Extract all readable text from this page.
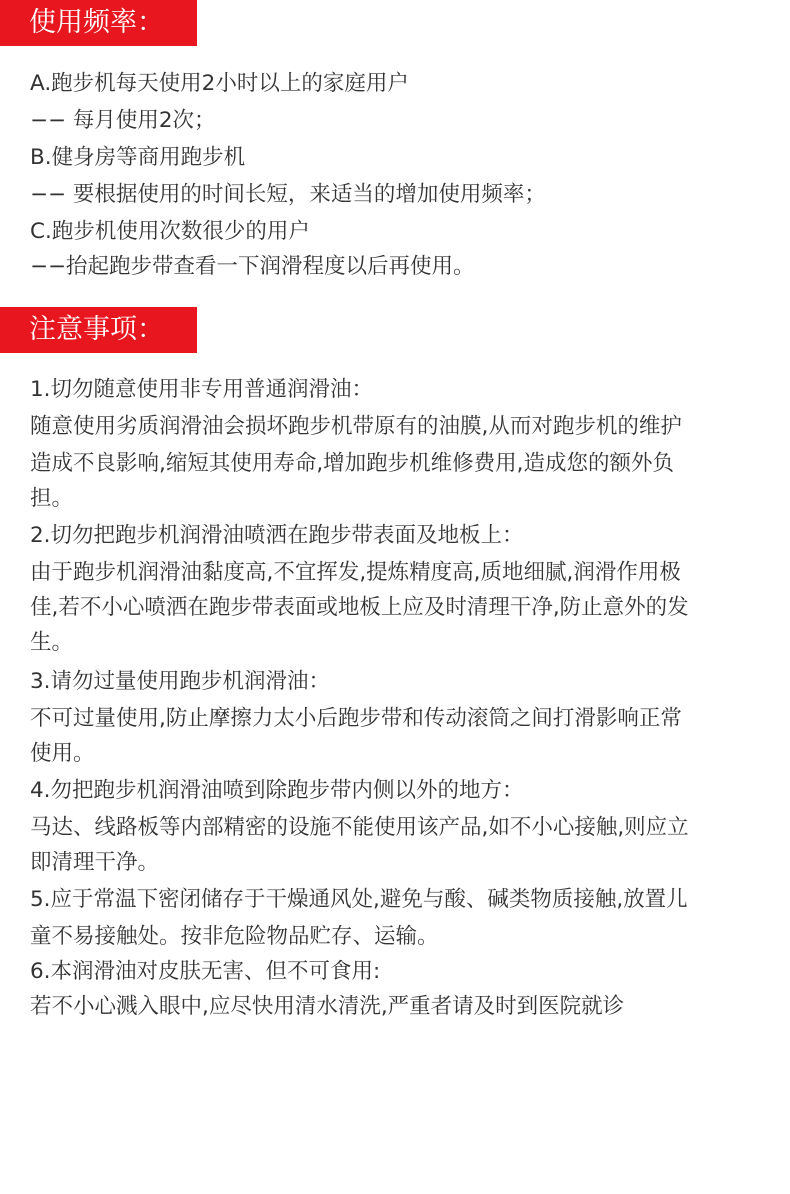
使用频率：
A.跑步机每天使用2小时以上的家庭用户
−− 每月使用2次；
B.健身房等商用跑步机
−− 要根据使用的时间长短，来适当的增加使用频率；
C.跑步机使用次数很少的用户
−−抬起跑步带查看一下润滑程度以后再使用。
注意事项：
1.切勿随意使用非专用普通润滑油：
随意使用劣质润滑油会损坏跑步机带原有的油膜,从而对跑步机的维护
造成不良影响,缩短其使用寿命,增加跑步机维修费用,造成您的额外负
担。
2.切勿把跑步机润滑油喷洒在跑步带表面及地板上：
由于跑步机润滑油黏度高,不宜挥发,提炼精度高,质地细腻,润滑作用极
佳,若不小心喷洒在跑步带表面或地板上应及时清理干净,防止意外的发
生。
3.请勿过量使用跑步机润滑油：
不可过量使用,防止摩擦力太小后跑步带和传动滚筒之间打滑影响正常
使用。
4.勿把跑步机润滑油喷到除跑步带内侧以外的地方：
马达、线路板等内部精密的设施不能使用该产品,如不小心接触,则应立
即清理干净。
5.应于常温下密闭储存于干燥通风处,避免与酸、碱类物质接触,放置儿
童不易接触处。按非危险物品贮存、运输。
6.本润滑油对皮肤无害、但不可食用:
若不小心溅入眼中,应尽快用清水清洗,严重者请及时到医院就诊
